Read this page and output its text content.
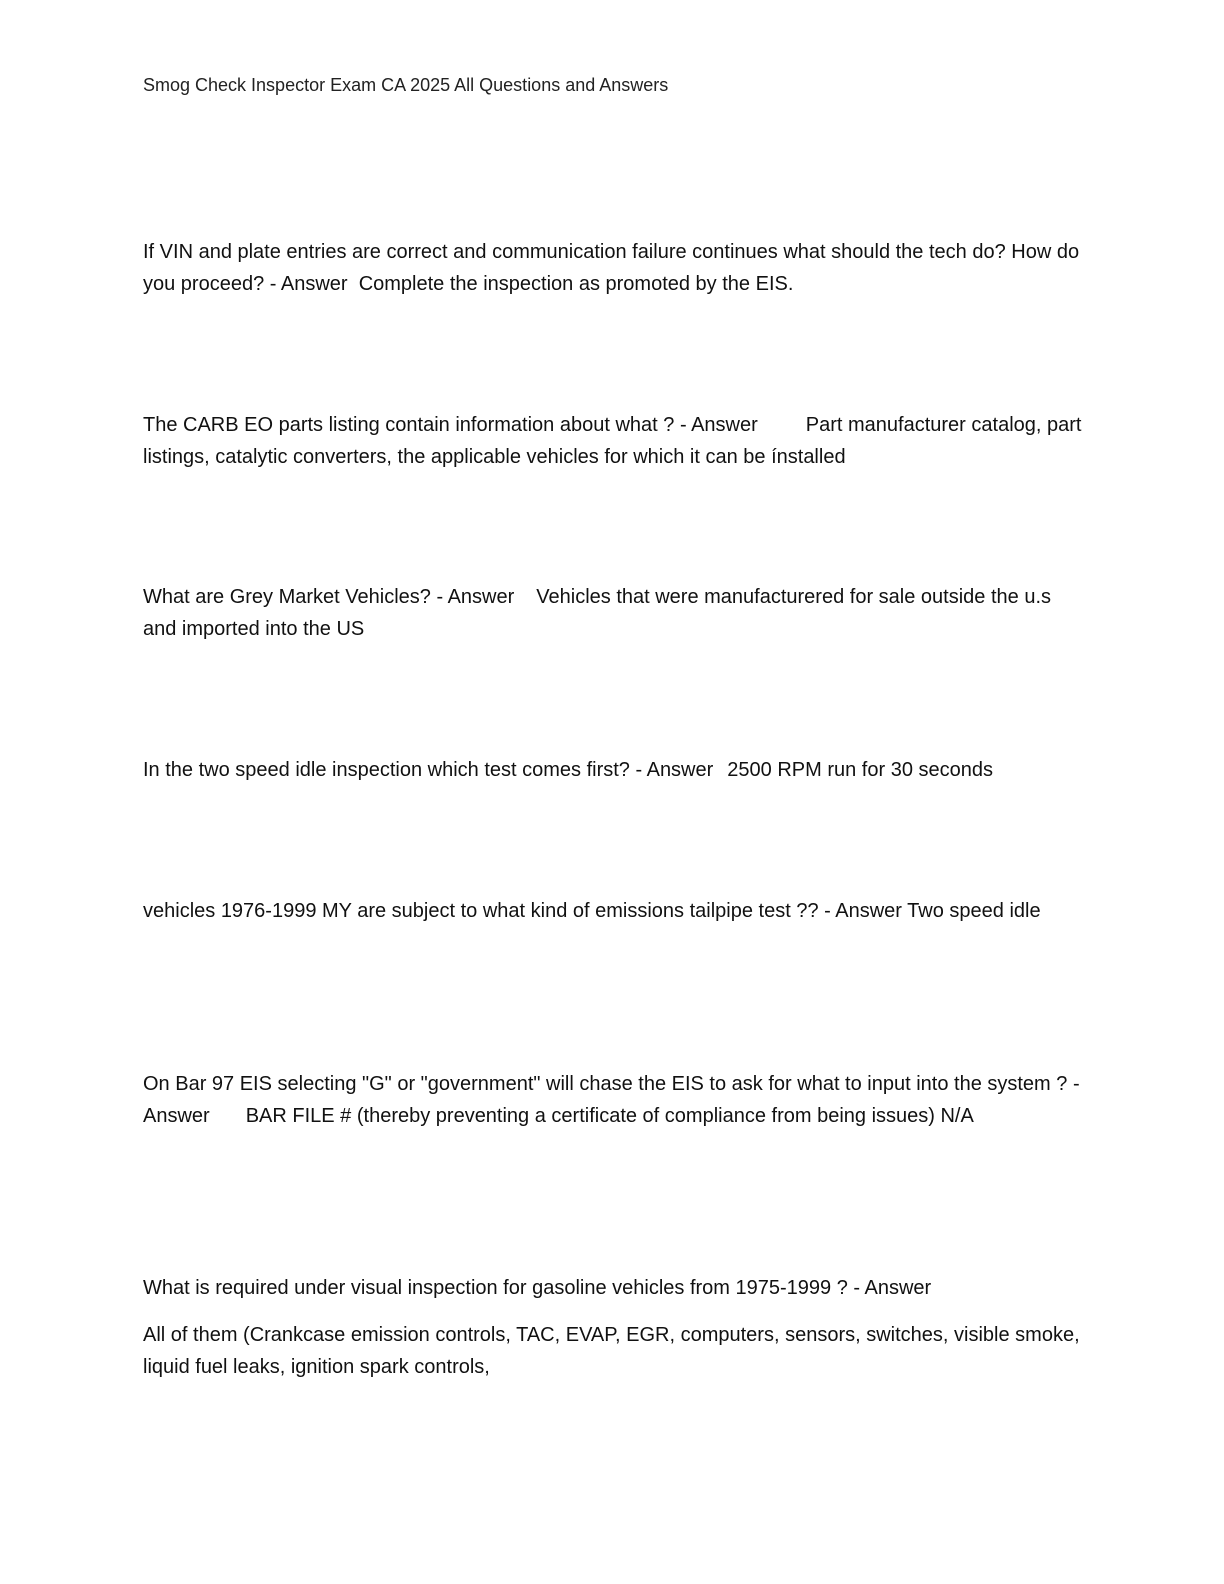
Smog Check Inspector Exam CA 2025 All Questions and Answers

If VIN and plate entries are correct and communication failure continues what should the tech do? How do you proceed? - Answer Complete the inspection as promoted by the EIS.

The CARB EO parts listing contain information about what ? - Answer Part manufacturer catalog, part listings, catalytic converters, the applicable vehicles for which it can be ínstalled

What are Grey Market Vehicles? - Answer Vehicles that were manufacturered for sale outside the u.s and imported into the US

In the two speed idle inspection which test comes first? - Answer 2500 RPM run for 30 seconds

vehicles 1976-1999 MY are subject to what kind of emissions tailpipe test ?? - Answer Two speed idle

On Bar 97 EIS selecting "G" or "government" will chase the EIS to ask for what to input into the system ? - Answer BAR FILE # (thereby preventing a certificate of compliance from being issues) N/A

What is required under visual inspection for gasoline vehicles from 1975-1999 ? - Answer

All of them (Crankcase emission controls, TAC, EVAP, EGR, computers, sensors, switches, visible smoke, liquid fuel leaks, ignition spark controls,
